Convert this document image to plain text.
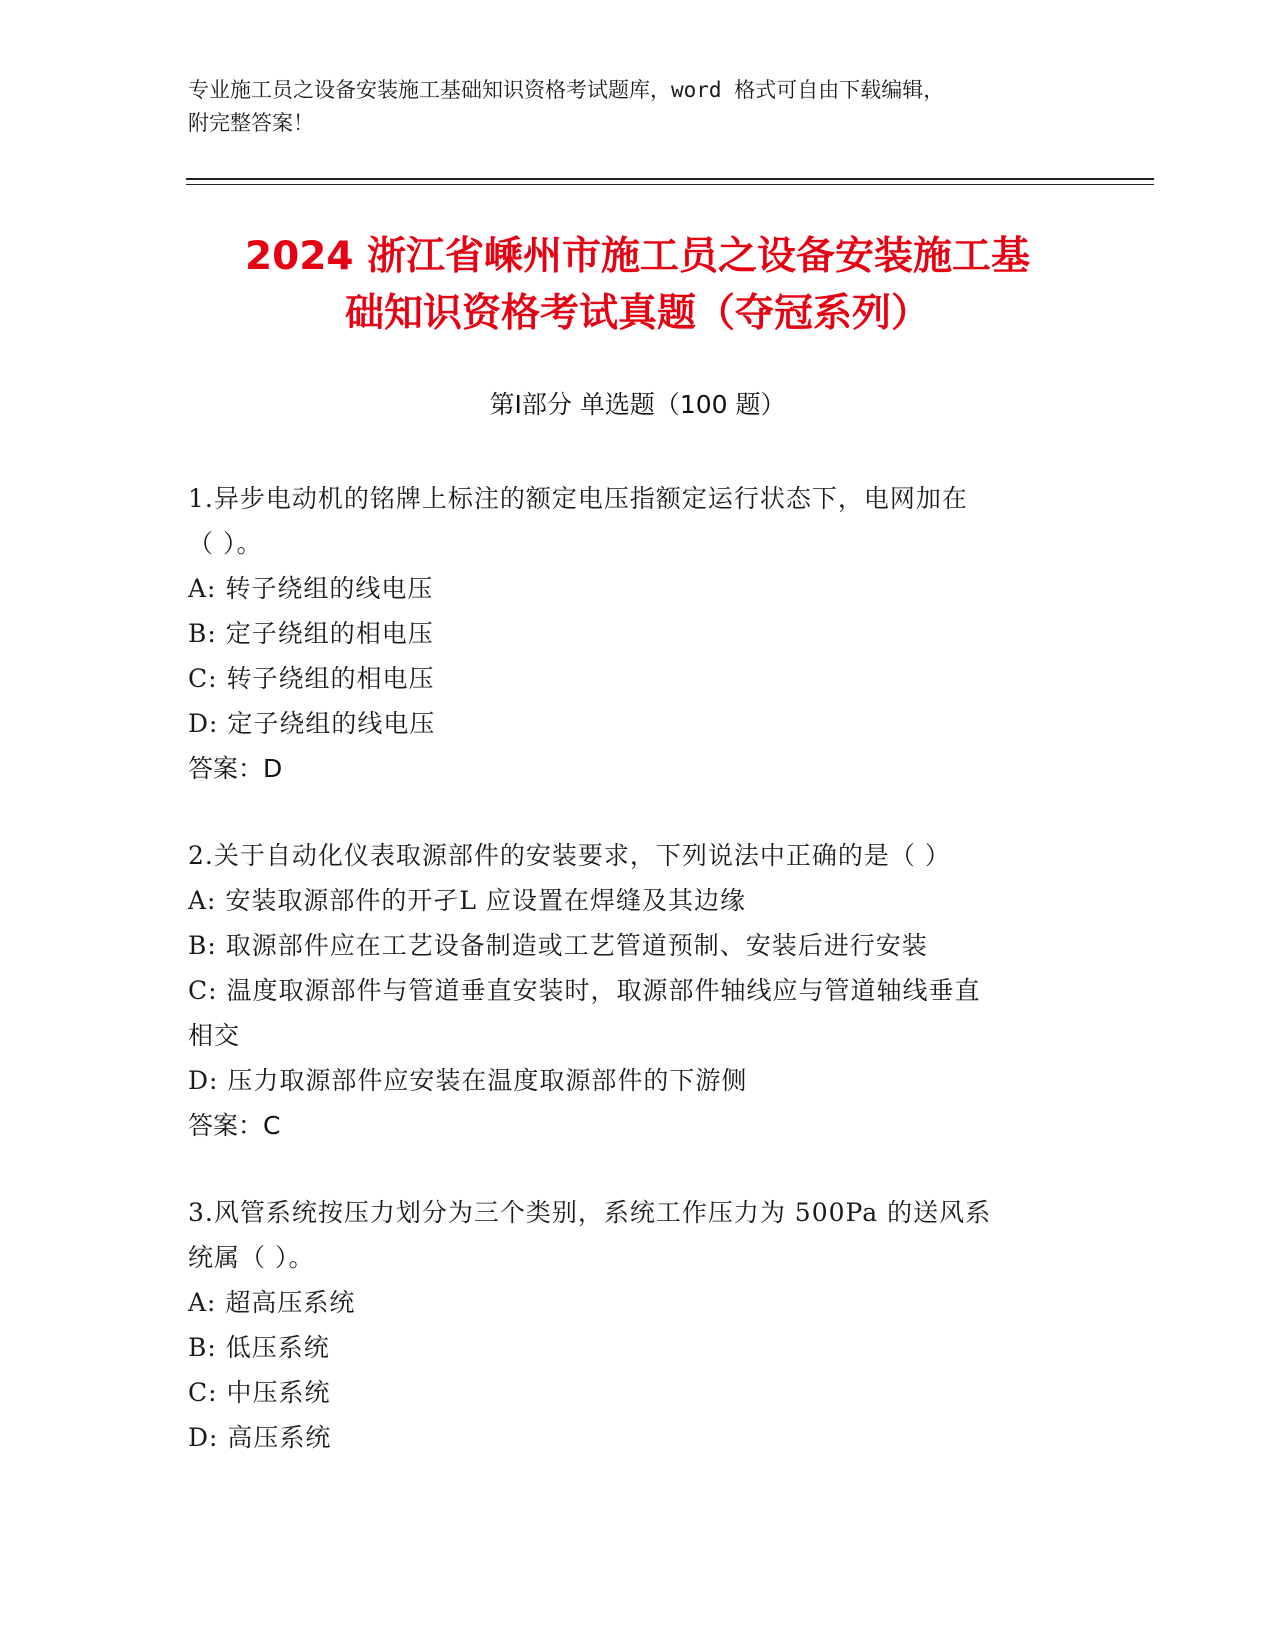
专业施工员之设备安装施工基础知识资格考试题库，word 格式可自由下载编辑，
附完整答案！
2024 浙江省嵊州市施工员之设备安装施工基
础知识资格考试真题（夺冠系列）
第Ⅰ部分 单选题（100 题）
1.异步电动机的铭牌上标注的额定电压指额定运行状态下，电网加在
（ ）。
A: 转子绕组的线电压
B: 定子绕组的相电压
C: 转子绕组的相电压
D: 定子绕组的线电压
答案：D
2.关于自动化仪表取源部件的安装要求，下列说法中正确的是（ ）
A: 安装取源部件的开孑L 应设置在焊缝及其边缘
B: 取源部件应在工艺设备制造或工艺管道预制、安装后进行安装
C: 温度取源部件与管道垂直安装时，取源部件轴线应与管道轴线垂直
相交
D: 压力取源部件应安装在温度取源部件的下游侧
答案：C
3.风管系统按压力划分为三个类别，系统工作压力为 500Pa 的送风系
统属（ ）。
A: 超高压系统
B: 低压系统
C: 中压系统
D: 高压系统
